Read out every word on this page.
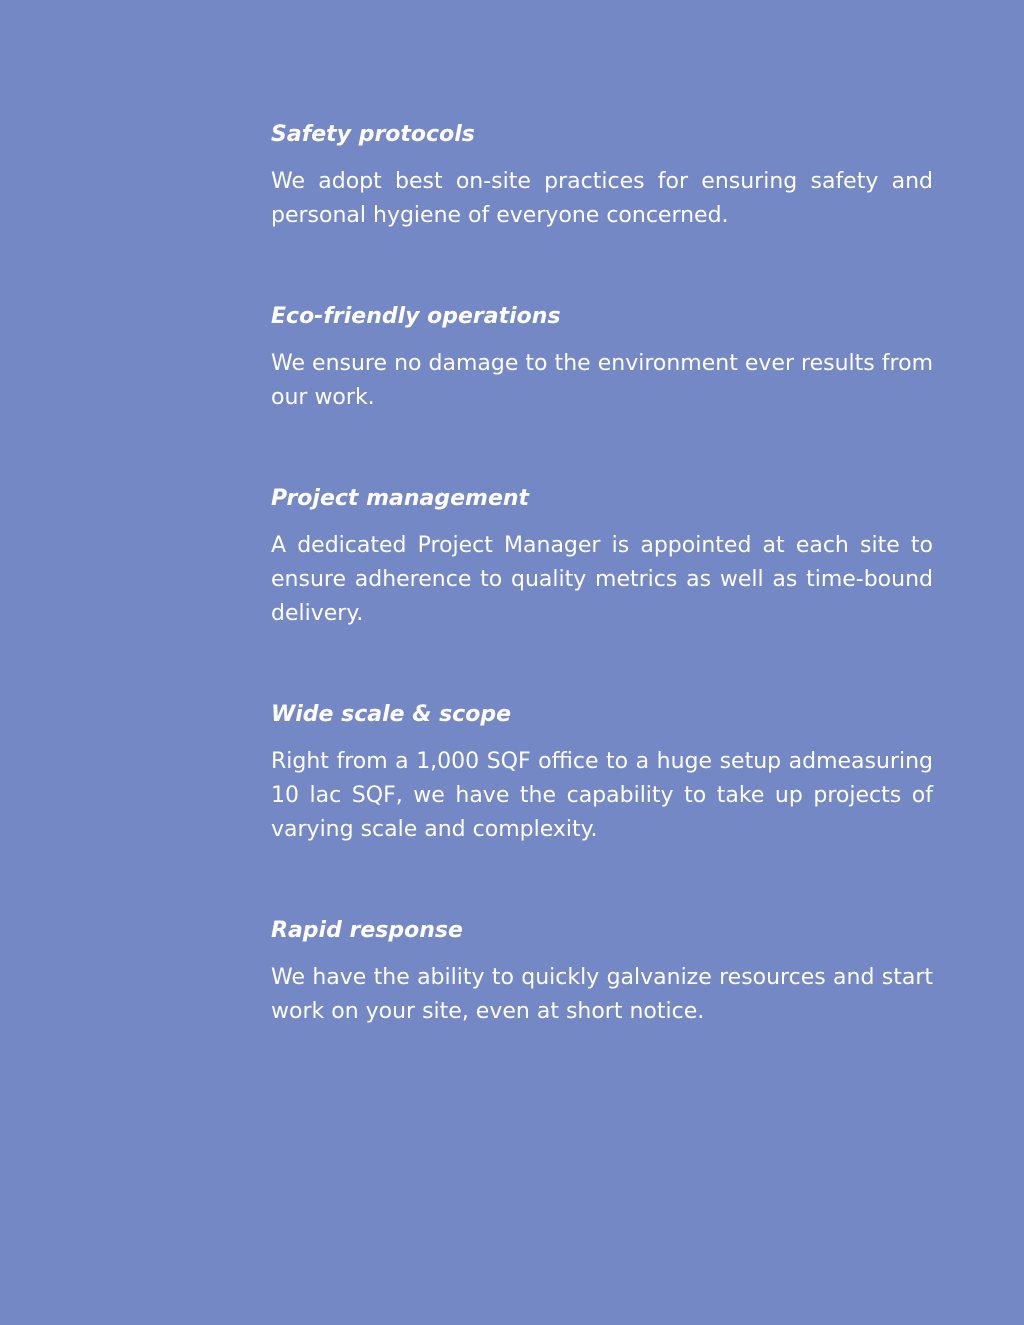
Safety protocols

We adopt best on-site practices for ensuring safety and personal hygiene of everyone concerned.

Eco-friendly operations

We ensure no damage to the environment ever results from our work.

Project management

A dedicated Project Manager is appointed at each site to ensure adherence to quality metrics as well as time-bound delivery.

Wide scale & scope

Right from a 1,000 SQF office to a huge setup admeasuring 10 lac SQF, we have the capability to take up projects of varying scale and complexity.

Rapid response

We have the ability to quickly galvanize resources and start work on your site, even at short notice.
